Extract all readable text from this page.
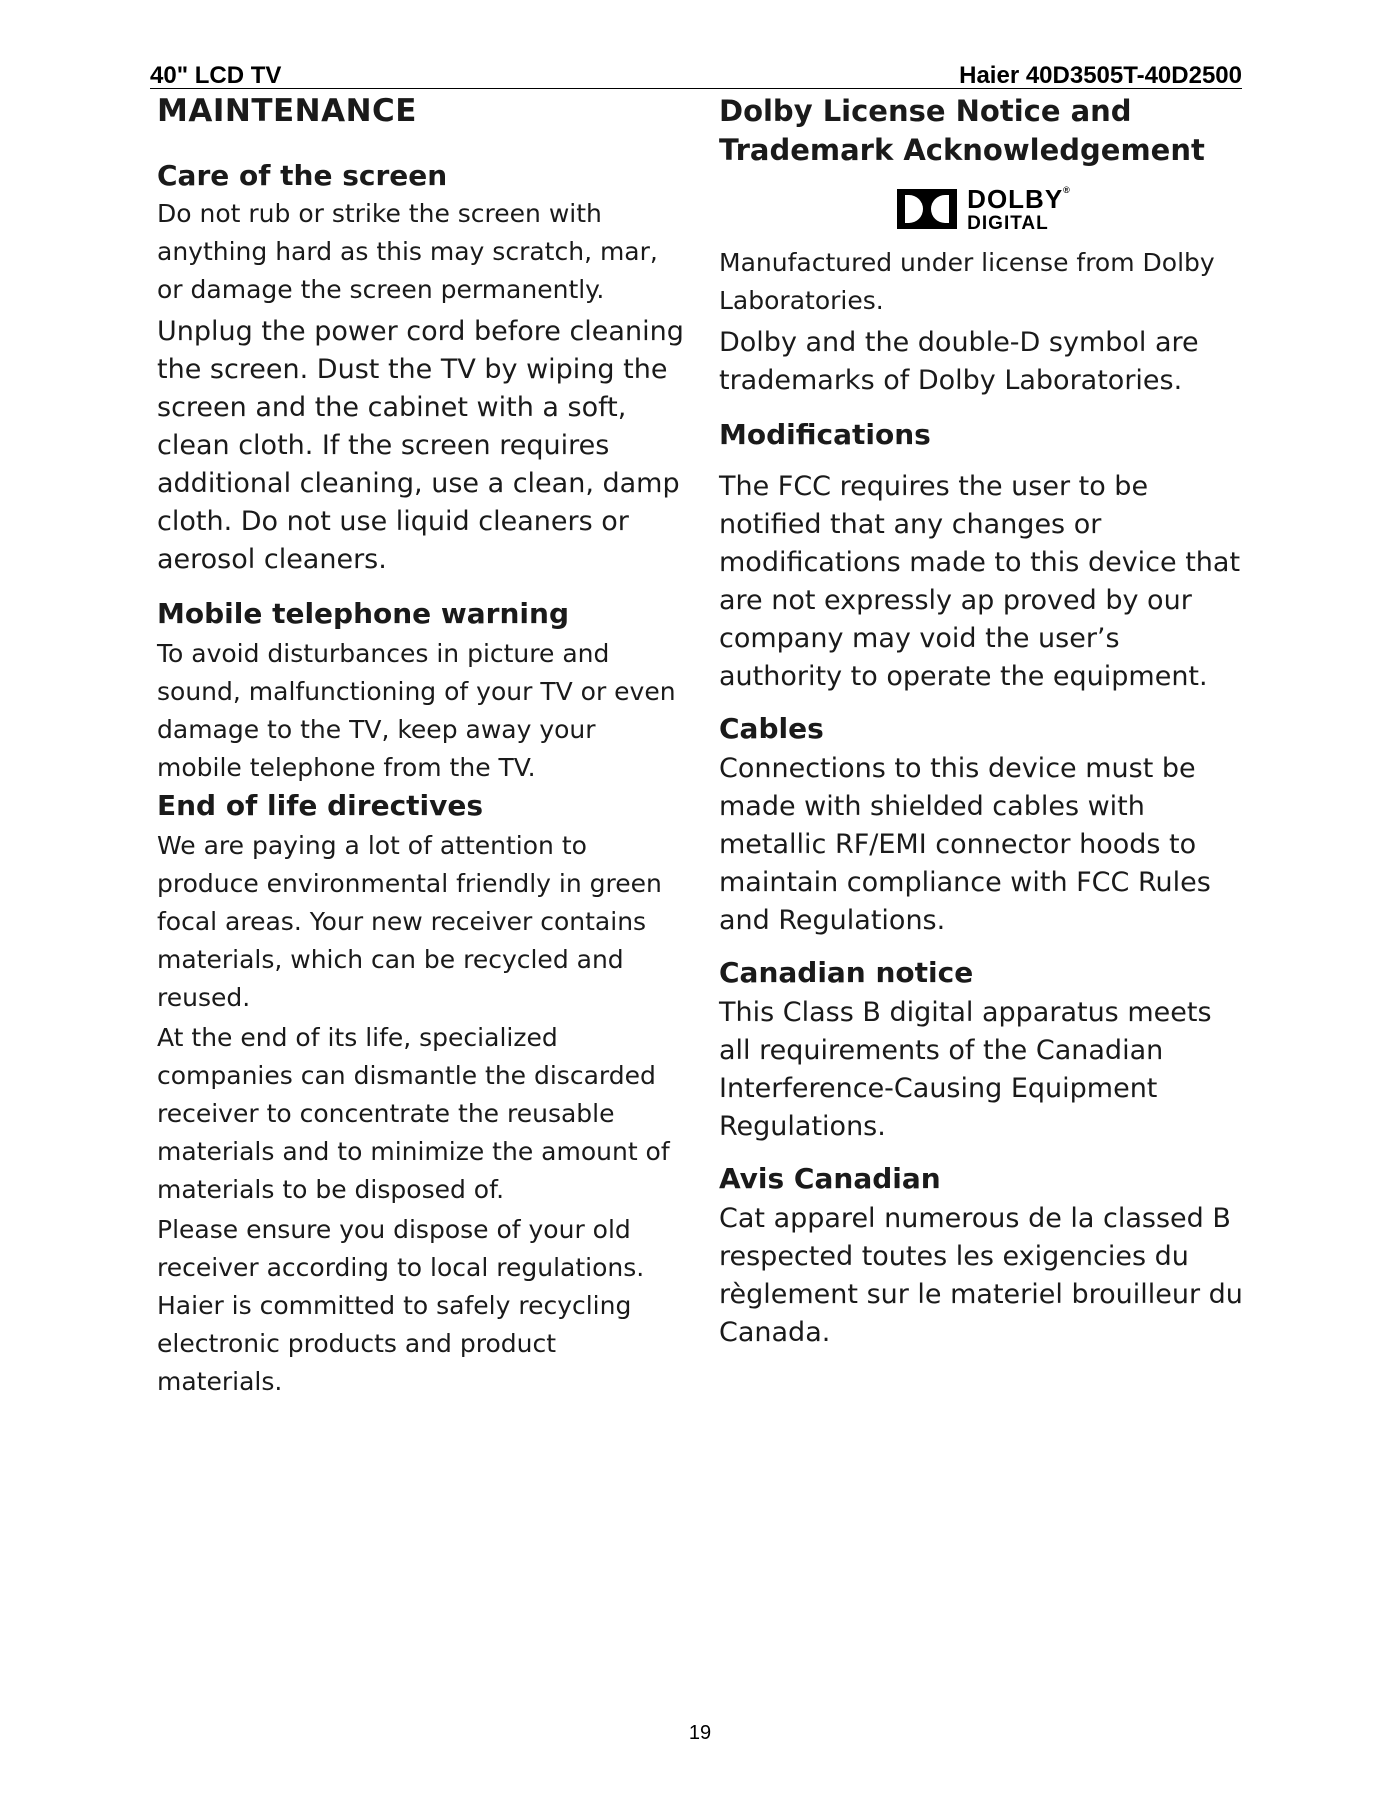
40" LCD TV	Haier 40D3505T-40D2500
MAINTENANCE
Care of the screen

Do not rub or strike the screen with anything hard as this may scratch, mar, or damage the screen permanently.

Unplug the power cord before cleaning the screen. Dust the TV by wiping the screen and the cabinet with a soft, clean cloth. If the screen requires additional cleaning, use a clean, damp cloth. Do not use liquid cleaners or aerosol cleaners.

Mobile telephone warning

To avoid disturbances in picture and sound, malfunctioning of your TV or even damage to the TV, keep away your mobile telephone from the TV.

End of life directives

We are paying a lot of attention to produce environmental friendly in green focal areas. Your new receiver contains materials, which can be recycled and reused.

At the end of its life, specialized companies can dismantle the discarded receiver to concentrate the reusable materials and to minimize the amount of materials to be disposed of.

Please ensure you dispose of your old receiver according to local regulations. Haier is committed to safely recycling electronic products and product materials.

Dolby License Notice and Trademark Acknowledgement
DOLBY®
DIGITAL

Manufactured under license from Dolby Laboratories.

Dolby and the double-D symbol are trademarks of Dolby Laboratories.

Modifications

The FCC requires the user to be notified that any changes or modifications made to this device that are not expressly ap proved by our company may void the user’s authority to operate the equipment.

Cables

Connections to this device must be made with shielded cables with metallic RF/EMI connector hoods to maintain compliance with FCC Rules and Regulations.

Canadian notice

This Class B digital apparatus meets all requirements of the Canadian Interference-Causing Equipment Regulations.

Avis Canadian

Cat apparel numerous de la classed B respected toutes les exigencies du règlement sur le materiel brouilleur du Canada.

19
